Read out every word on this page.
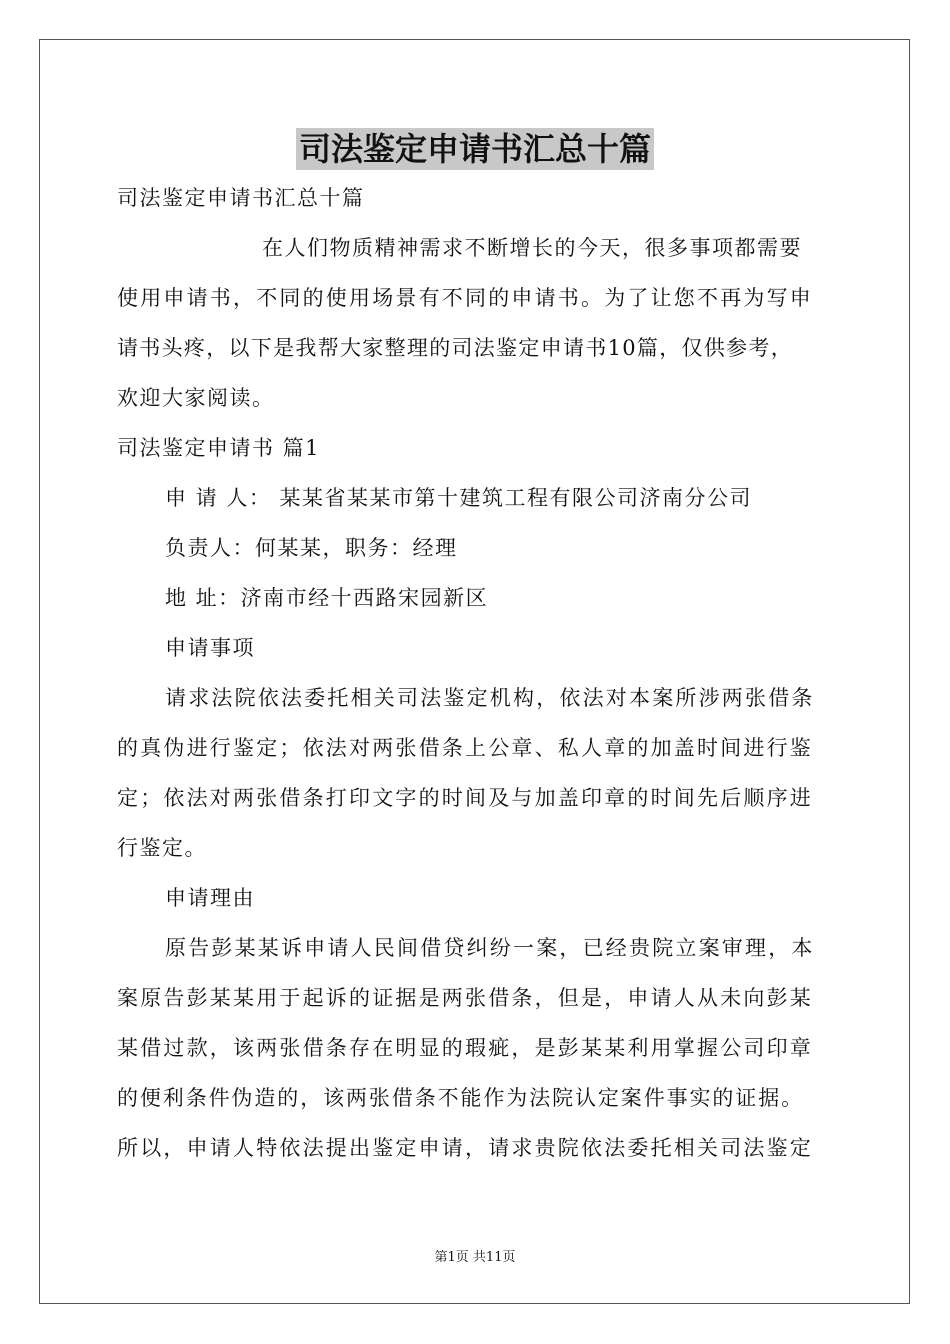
司法鉴定申请书汇总十篇
司法鉴定申请书汇总十篇
在人们物质精神需求不断增长的今天，很多事项都需要
使用申请书，不同的使用场景有不同的申请书。为了让您不再为写申
请书头疼，以下是我帮大家整理的司法鉴定申请书10篇，仅供参考，
欢迎大家阅读。
司法鉴定申请书 篇1
申 请 人： 某某省某某市第十建筑工程有限公司济南分公司
负责人：何某某，职务：经理
地 址：济南市经十西路宋园新区
申请事项
请求法院依法委托相关司法鉴定机构，依法对本案所涉两张借条
的真伪进行鉴定；依法对两张借条上公章、私人章的加盖时间进行鉴
定；依法对两张借条打印文字的时间及与加盖印章的时间先后顺序进
行鉴定。
申请理由
原告彭某某诉申请人民间借贷纠纷一案，已经贵院立案审理，本
案原告彭某某用于起诉的证据是两张借条，但是，申请人从未向彭某
某借过款，该两张借条存在明显的瑕疵，是彭某某利用掌握公司印章
的便利条件伪造的，该两张借条不能作为法院认定案件事实的证据。
所以，申请人特依法提出鉴定申请，请求贵院依法委托相关司法鉴定
第1页 共11页
